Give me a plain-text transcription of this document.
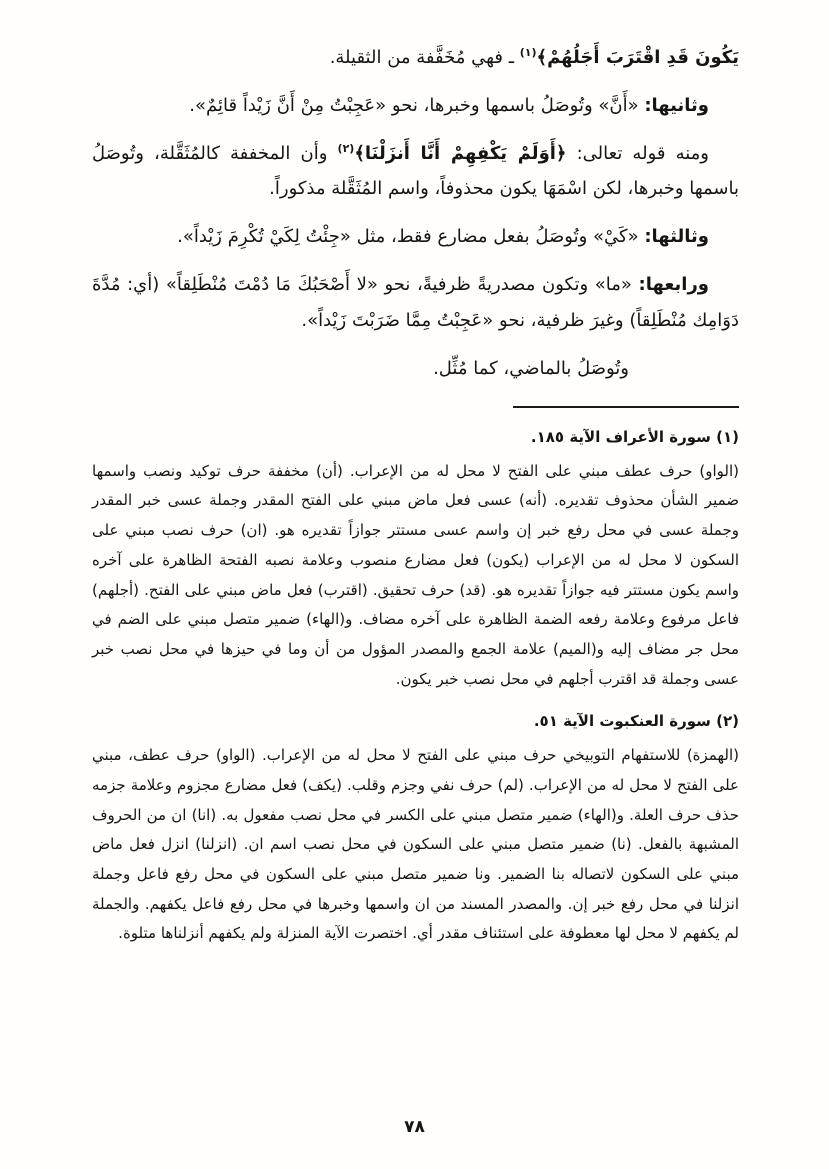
يَكُونَ قَدِ اقْتَرَبَ أَجَلُهُمْ﴾$^{(١)}$ ـ فهي مُخَفَّفة من الثقيلة.

وثانيها: «أَنَّ» وتُوصَلُ باسمها وخبرها، نحو «عَجِبْتُ مِنْ أَنَّ زَيْداً قائِمٌ».

ومنه قوله تعالى: ﴿أَوَلَمْ يَكْفِهِمْ أَنَّا أَنزَلْنَا﴾$^{(٢)}$ وأن المخففة كالمُثَقَّلة، وتُوصَلُ باسمها وخبرها، لكن اسْمَهَا يكون محذوفاً، واسم المُثَقَّلة مذكوراً.

وثالثها: «كَيْ» وتُوصَلُ بفعل مضارع فقط، مثل «جِئْتُ لِكَيْ تُكْرِمَ زَيْداً».

ورابعها: «ما» وتكون مصدريةً ظرفيةً، نحو «لا أَصْحَبُكَ مَا دُمْتَ مُنْطَلِقاً» (أي: مُدَّةَ دَوَامِك مُنْطَلِقاً) وغيرَ ظرفية، نحو «عَجِبْتُ مِمَّا ضَرَبْتَ زَيْداً».

وتُوصَلُ بالماضي، كما مُثِّل.

(١) سورة الأعراف الآية ١٨٥.

(الواو) حرف عطف مبني على الفتح لا محل له من الإعراب. (أن) مخففة حرف توكيد ونصب واسمها ضمير الشأن محذوف تقديره. (أنه) عسى فعل ماض مبني على الفتح المقدر وجملة عسى خبر المقدر وجملة عسى في محل رفع خبر إن واسم عسى مستتر جوازاً تقديره هو. (ان) حرف نصب مبني على السكون لا محل له من الإعراب (يكون) فعل مضارع منصوب وعلامة نصبه الفتحة الظاهرة على آخره واسم يكون مستتر فيه جوازاً تقديره هو. (قد) حرف تحقيق. (اقترب) فعل ماض مبني على الفتح. (أجلهم) فاعل مرفوع وعلامة رفعه الضمة الظاهرة على آخره مضاف. و(الهاء) ضمير متصل مبني على الضم في محل جر مضاف إليه و(الميم) علامة الجمع والمصدر المؤول من أن وما في حيزها في محل نصب خبر عسى وجملة قد اقترب أجلهم في محل نصب خبر يكون.

(٢) سورة العنكبوت الآية ٥١.

(الهمزة) للاستفهام التوبيخي حرف مبني على الفتح لا محل له من الإعراب. (الواو) حرف عطف، مبني على الفتح لا محل له من الإعراب. (لم) حرف نفي وجزم وقلب. (يكف) فعل مضارع مجزوم وعلامة جزمه حذف حرف العلة. و(الهاء) ضمير متصل مبني على الكسر في محل نصب مفعول به. (انا) ان من الحروف المشبهة بالفعل. (نا) ضمير متصل مبني على السكون في محل نصب اسم ان. (انزلنا) انزل فعل ماض مبني على السكون لاتصاله بنا الضمير. ونا ضمير متصل مبني على السكون في محل رفع فاعل وجملة انزلنا في محل رفع خبر إن. والمصدر المسند من ان واسمها وخبرها في محل رفع فاعل يكفهم. والجملة لم يكفهم لا محل لها معطوفة على استئناف مقدر أي. اختصرت الآية المنزلة ولم يكفهم أنزلناها متلوة.

٧٨
